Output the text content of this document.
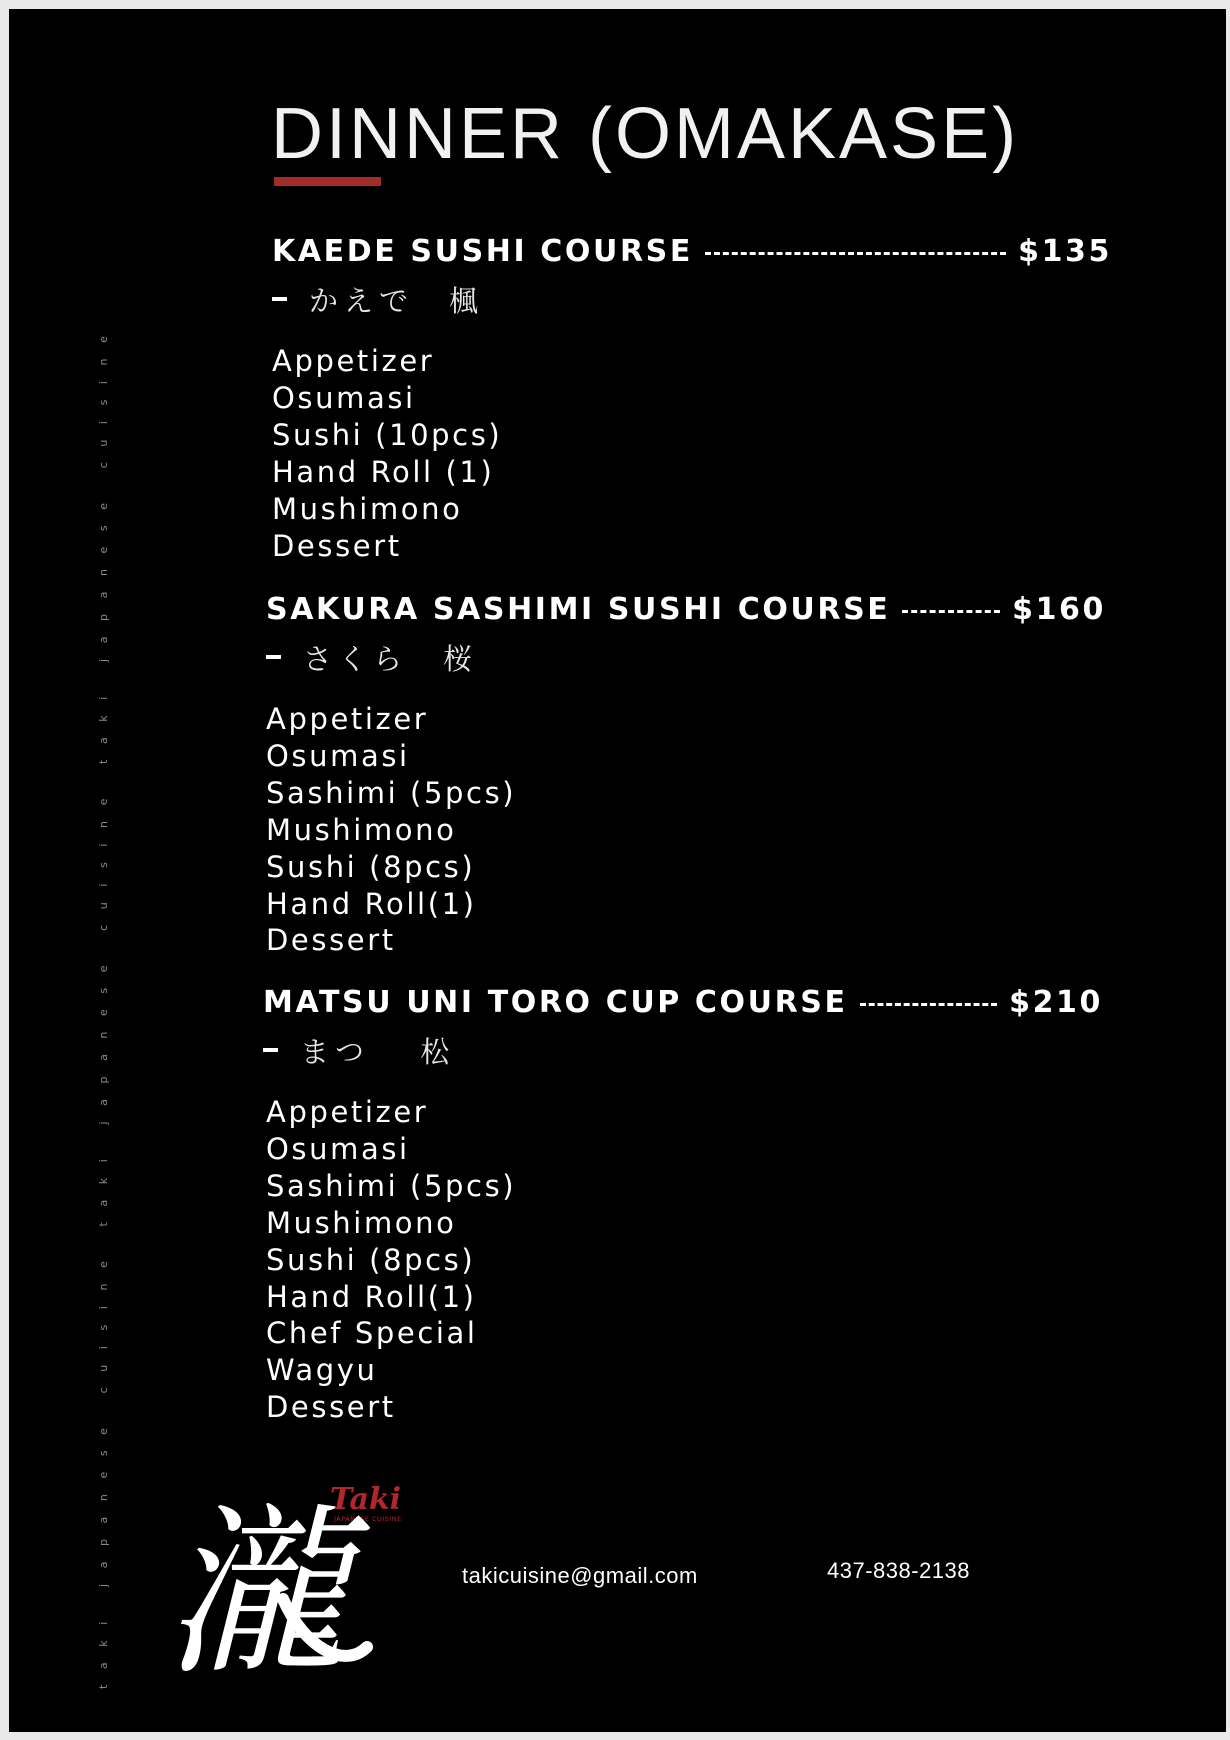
taki japanese cuisine taki japanese cuisine taki japanese cuisine
DINNER (OMAKASE)
KAEDE SUSHI COURSE	$135
かえで　楓
Appetizer
Osumasi
Sushi (10pcs)
Hand Roll (1)
Mushimono
Dessert
SAKURA SASHIMI SUSHI COURSE	$160
さくら　桜
Appetizer
Osumasi
Sashimi (5pcs)
Mushimono
Sushi (8pcs)
Hand Roll(1)
Dessert
MATSU UNI TORO CUP COURSE	$210
まつ　 松
Appetizer
Osumasi
Sashimi (5pcs)
Mushimono
Sushi (8pcs)
Hand Roll(1)
Chef Special
Wagyu
Dessert
Taki
JAPANESE CUISINE
瀧	takicuisine@gmail.com	437-838-2138
